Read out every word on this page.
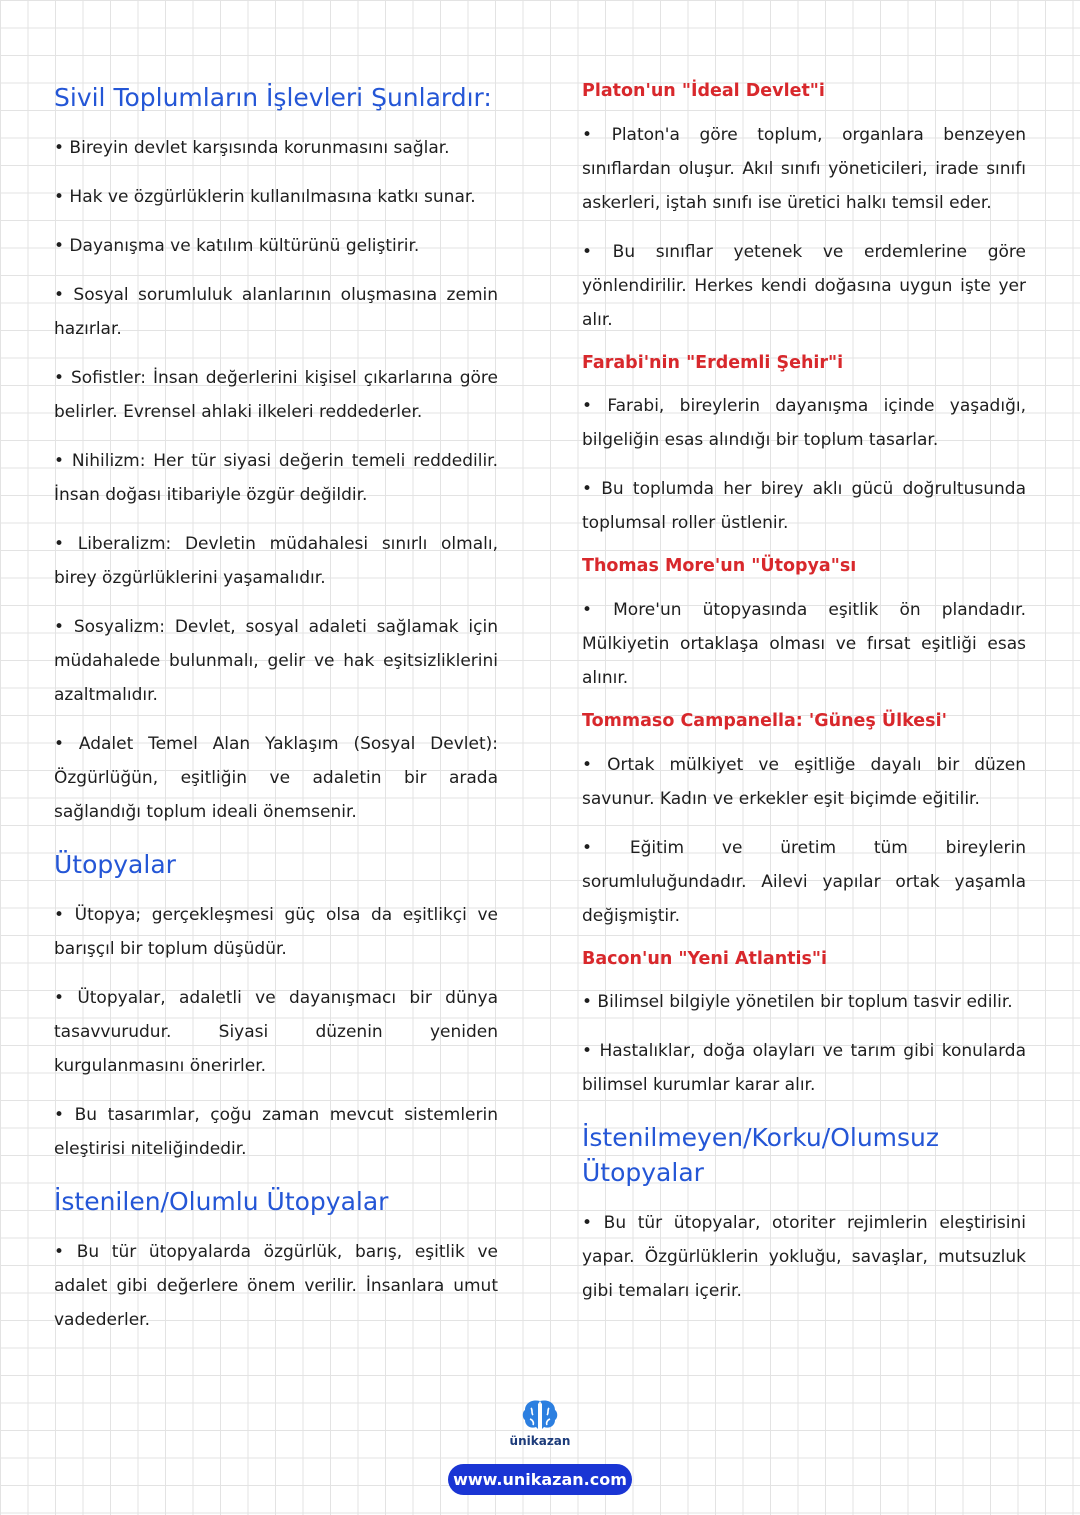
Sivil Toplumların İşlevleri Şunlardır:

• Bireyin devlet karşısında korunmasını sağlar.

• Hak ve özgürlüklerin kullanılmasına katkı sunar.

• Dayanışma ve katılım kültürünü geliştirir.

• Sosyal sorumluluk alanlarının oluşmasına zemin hazırlar.

• Sofistler: İnsan değerlerini kişisel çıkarlarına göre belirler. Evrensel ahlaki ilkeleri reddederler.

• Nihilizm: Her tür siyasi değerin temeli reddedilir. İnsan doğası itibariyle özgür değildir.

• Liberalizm: Devletin müdahalesi sınırlı olmalı, birey özgürlüklerini yaşamalıdır.

• Sosyalizm: Devlet, sosyal adaleti sağlamak için müdahalede bulunmalı, gelir ve hak eşitsizliklerini azaltmalıdır.

• Adalet Temel Alan Yaklaşım (Sosyal Devlet): Özgürlüğün, eşitliğin ve adaletin bir arada sağlandığı toplum ideali önemsenir.

Ütopyalar

• Ütopya; gerçekleşmesi güç olsa da eşitlikçi ve barışçıl bir toplum düşüdür.

• Ütopyalar, adaletli ve dayanışmacı bir dünya tasavvurudur. Siyasi düzenin yeniden kurgulanmasını önerirler.

• Bu tasarımlar, çoğu zaman mevcut sistemlerin eleştirisi niteliğindedir.

İstenilen/Olumlu Ütopyalar

• Bu tür ütopyalarda özgürlük, barış, eşitlik ve adalet gibi değerlere önem verilir. İnsanlara umut vadederler.

Platon'un "İdeal Devlet"i

• Platon'a göre toplum, organlara benzeyen sınıflardan oluşur. Akıl sınıfı yöneticileri, irade sınıfı askerleri, iştah sınıfı ise üretici halkı temsil eder.

• Bu sınıflar yetenek ve erdemlerine göre yönlendirilir. Herkes kendi doğasına uygun işte yer alır.

Farabi'nin "Erdemli Şehir"i

• Farabi, bireylerin dayanışma içinde yaşadığı, bilgeliğin esas alındığı bir toplum tasarlar.

• Bu toplumda her birey aklı gücü doğrultusunda toplumsal roller üstlenir.

Thomas More'un "Ütopya"sı

• More'un ütopyasında eşitlik ön plandadır. Mülkiyetin ortaklaşa olması ve fırsat eşitliği esas alınır.

Tommaso Campanella: 'Güneş Ülkesi'

• Ortak mülkiyet ve eşitliğe dayalı bir düzen savunur. Kadın ve erkekler eşit biçimde eğitilir.

• Eğitim ve üretim tüm bireylerin sorumluluğundadır. Ailevi yapılar ortak yaşamla değişmiştir.

Bacon'un "Yeni Atlantis"i

• Bilimsel bilgiyle yönetilen bir toplum tasvir edilir.

• Hastalıklar, doğa olayları ve tarım gibi konularda bilimsel kurumlar karar alır.

İstenilmeyen/Korku/Olumsuz Ütopyalar

• Bu tür ütopyalar, otoriter rejimlerin eleştirisini yapar. Özgürlüklerin yokluğu, savaşlar, mutsuzluk gibi temaları içerir.

ünikazan
www.unikazan.com
